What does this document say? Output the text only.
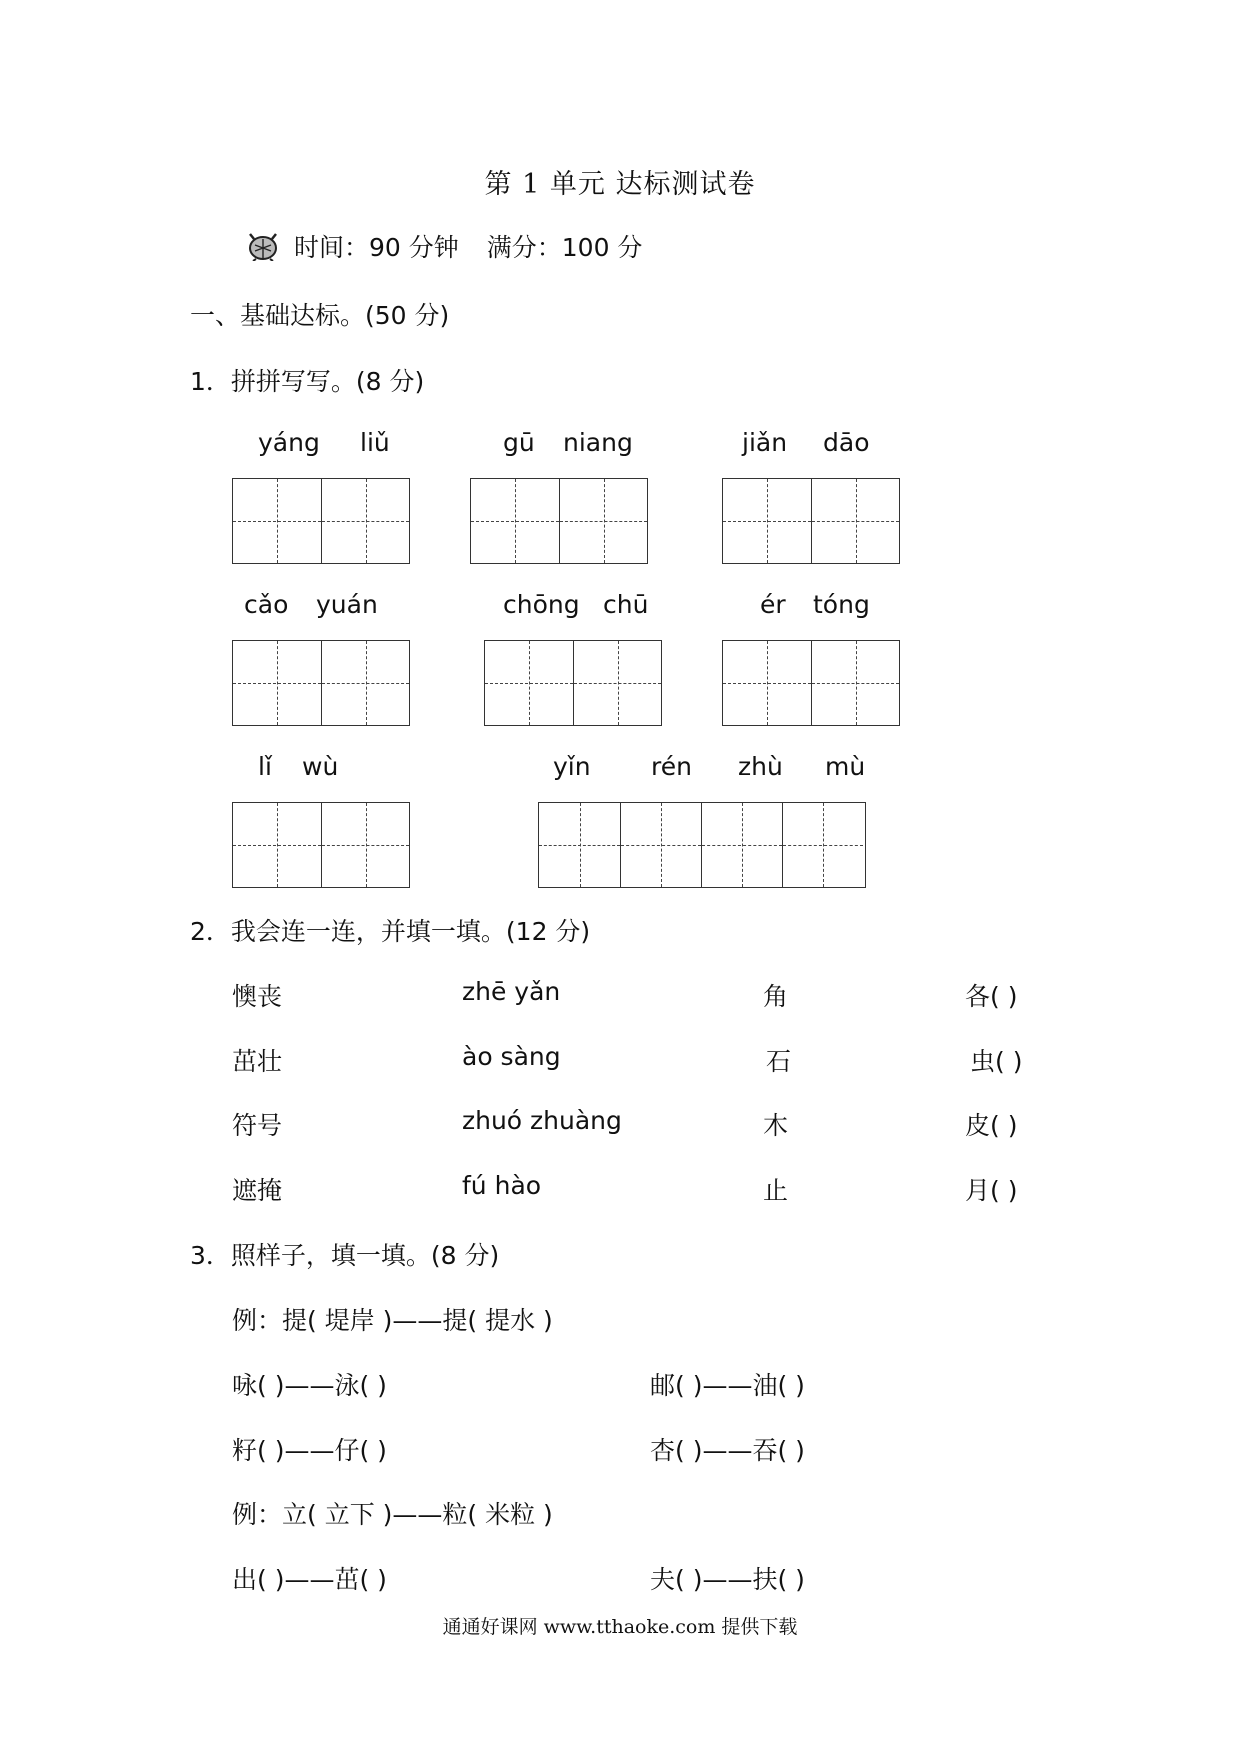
第 1 单元 达标测试卷
时间：90 分钟 满分：100 分
一、基础达标。(50 分)
1．拼拼写写。(8 分)
yáng liǔ	gū niang	jiǎn dāo
cǎo yuán	chōng chū	ér tóng
lǐ wù	yǐn rén zhù mù
2．我会连一连，并填一填。(12 分)
懊丧	zhē yǎn	角	各( )
茁壮	ào sàng	石	虫( )
符号	zhuó zhuàng	木	皮( )
遮掩	fú hào	止	月( )
3．照样子，填一填。(8 分)
例：提( 堤岸 )——提( 提水 )
咏( )——泳( )	邮( )——油( )
籽( )——仔( )	杏( )——吞( )
例：立( 立下 )——粒( 米粒 )
出( )——茁( )	夫( )——扶( )
通通好课网 www.tthaoke.com 提供下载
